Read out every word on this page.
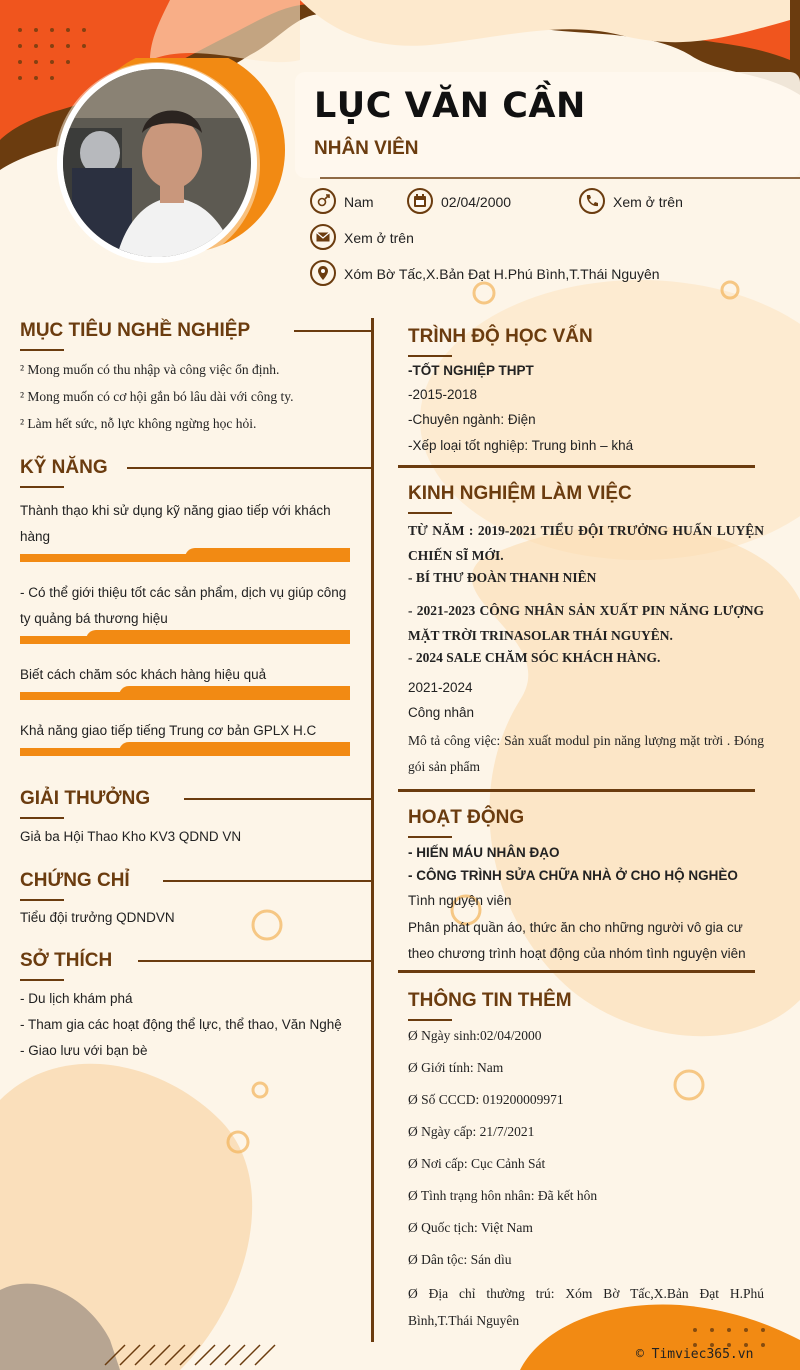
LỤC VĂN CẦN
NHÂN VIÊN
Nam	02/04/2000	Xem ở trên
Xem ở trên
Xóm Bờ Tấc,X.Bản Đạt H.Phú Bình,T.Thái Nguyên
MỤC TIÊU NGHỀ NGHIỆP
² Mong muốn có thu nhập và công việc ổn định.
² Mong muốn có cơ hội gắn bó lâu dài với công ty.
² Làm hết sức, nỗ lực không ngừng học hỏi.
KỸ NĂNG
Thành thạo khi sử dụng kỹ năng giao tiếp với khách hàng
- Có thể giới thiệu tốt các sản phẩm, dịch vụ giúp công ty quảng bá thương hiệu
Biết cách chăm sóc khách hàng hiệu quả
Khả năng giao tiếp tiếng Trung cơ bản GPLX H.C
GIẢI THƯỞNG
Giả ba Hội Thao Kho KV3 QDND VN
CHỨNG CHỈ
Tiểu đội trưởng QDNDVN
SỞ THÍCH
- Du lịch khám phá
- Tham gia các hoạt động thể lực, thể thao, Văn Nghệ
- Giao lưu với bạn bè
TRÌNH ĐỘ HỌC VẤN
-TỐT NGHIỆP THPT
-2015-2018
-Chuyên ngành: Điện
-Xếp loại tốt nghiệp: Trung bình – khá
KINH NGHIỆM LÀM VIỆC
TỪ NĂM : 2019-2021 TIỂU ĐỘI TRƯỞNG HUẤN LUYỆN CHIẾN SĨ MỚI.
- BÍ THƯ ĐOÀN THANH NIÊN
- 2021-2023 CÔNG NHÂN SẢN XUẤT PIN NĂNG LƯỢNG MẶT TRỜI TRINASOLAR THÁI NGUYÊN.
- 2024 SALE CHĂM SÓC KHÁCH HÀNG.
2021-2024
Công nhân
Mô tả công việc: Sản xuất modul pin năng lượng mặt trời . Đóng gói sản phẩm
HOẠT ĐỘNG
- HIẾN MÁU NHÂN ĐẠO
- CÔNG TRÌNH SỬA CHỮA NHÀ Ở CHO HỘ NGHÈO
Tình nguyện viên
Phân phát quần áo, thức ăn cho những người vô gia cư theo chương trình hoạt động của nhóm tình nguyện viên
THÔNG TIN THÊM
Ø Ngày sinh:02/04/2000
Ø Giới tính: Nam
Ø Số CCCD: 019200009971
Ø Ngày cấp: 21/7/2021
Ø Nơi cấp: Cục Cảnh Sát
Ø Tình trạng hôn nhân: Đã kết hôn
Ø Quốc tịch: Việt Nam
Ø Dân tộc: Sán dìu
Ø Địa chỉ thường trú: Xóm Bờ Tấc,X.Bản Đạt H.Phú Bình,T.Thái Nguyên
© Timviec365.vn
